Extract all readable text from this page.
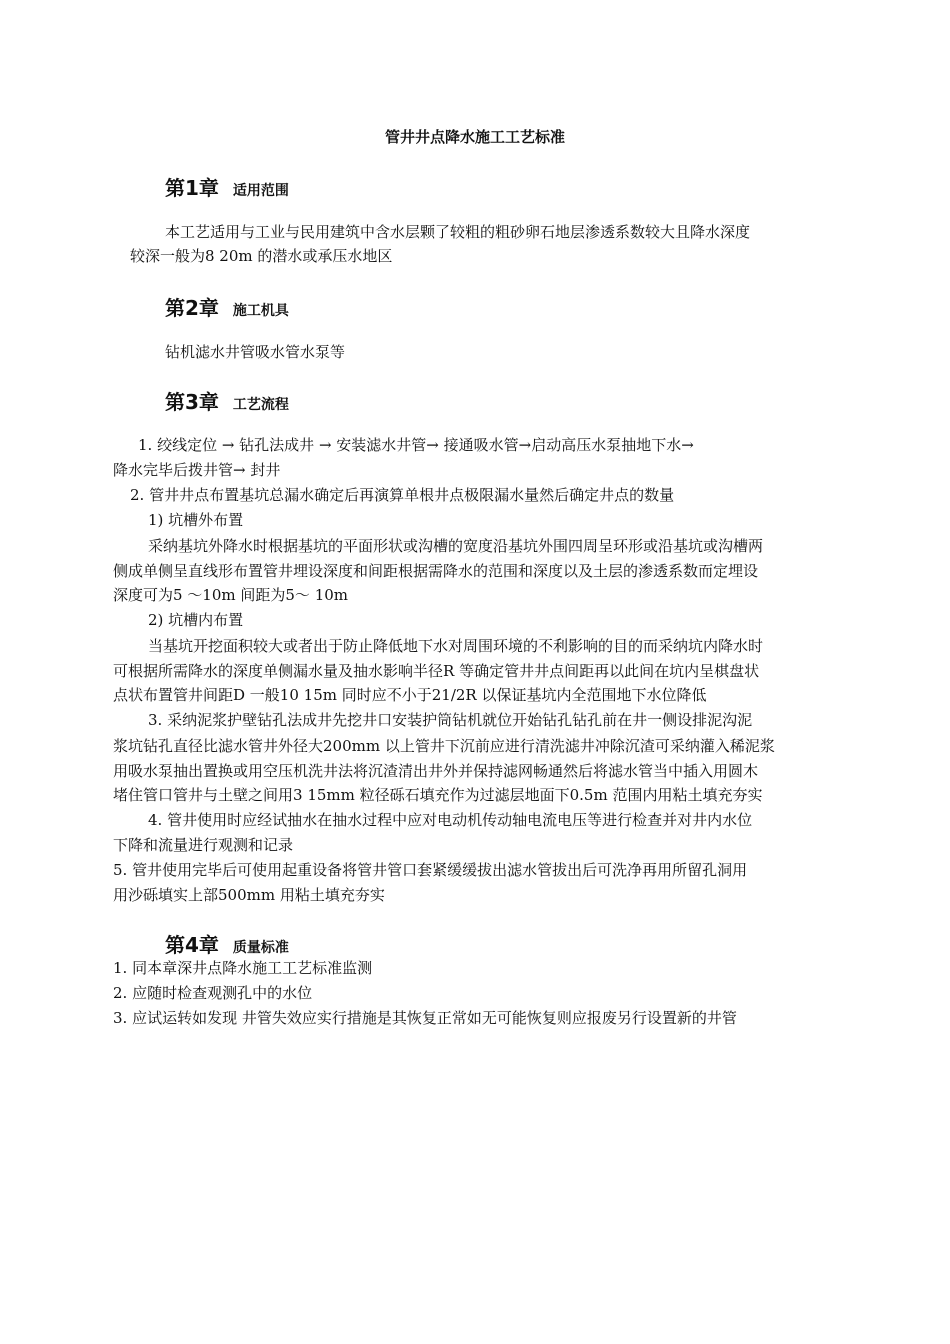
管井井点降水施工工艺标准
第1章 适用范围
本工艺适用与工业与民用建筑中含水层颗了较粗的粗砂卵石地层渗透系数较大且降水深度
较深一般为8 20m 的潜水或承压水地区
第2章 施工机具
钻机滤水井管吸水管水泵等
第3章 工艺流程
1. 绞线定位 → 钻孔法成井 → 安装滤水井管→ 接通吸水管→启动高压水泵抽地下水→
降水完毕后拨井管→ 封井
2. 管井井点布置基坑总漏水确定后再演算单根井点极限漏水量然后确定井点的数量
1) 坑槽外布置
采纳基坑外降水时根据基坑的平面形状或沟槽的宽度沿基坑外围四周呈环形或沿基坑或沟槽两
侧成单侧呈直线形布置管井埋设深度和间距根据需降水的范围和深度以及土层的渗透系数而定埋设
深度可为5 ～10m 间距为5～ 10m
2) 坑槽内布置
当基坑开挖面积较大或者出于防止降低地下水对周围环境的不利影响的目的而采纳坑内降水时
可根据所需降水的深度单侧漏水量及抽水影响半径R 等确定管井井点间距再以此间在坑内呈棋盘状
点状布置管井间距D 一般10 15m 同时应不小于21/2R 以保证基坑内全范围地下水位降低
3. 采纳泥浆护壁钻孔法成井先挖井口安装护筒钻机就位开始钻孔钻孔前在井一侧设排泥沟泥
浆坑钻孔直径比滤水管井外径大200mm 以上管井下沉前应进行清洗滤井冲除沉渣可采纳灌入稀泥浆
用吸水泵抽出置换或用空压机洗井法将沉渣清出井外并保持滤网畅通然后将滤水管当中插入用圆木
堵住管口管井与土壁之间用3 15mm 粒径砾石填充作为过滤层地面下0.5m 范围内用粘土填充夯实
4. 管井使用时应经试抽水在抽水过程中应对电动机传动轴电流电压等进行检查并对井内水位
下降和流量进行观测和记录
5. 管井使用完毕后可使用起重设备将管井管口套紧缓缓拔出滤水管拔出后可洗净再用所留孔洞用
用沙砾填实上部500mm 用粘土填充夯实
第4章 质量标准
1. 同本章深井点降水施工工艺标准监测
2. 应随时检查观测孔中的水位
3. 应试运转如发现 井管失效应实行措施是其恢复正常如无可能恢复则应报废另行设置新的井管
